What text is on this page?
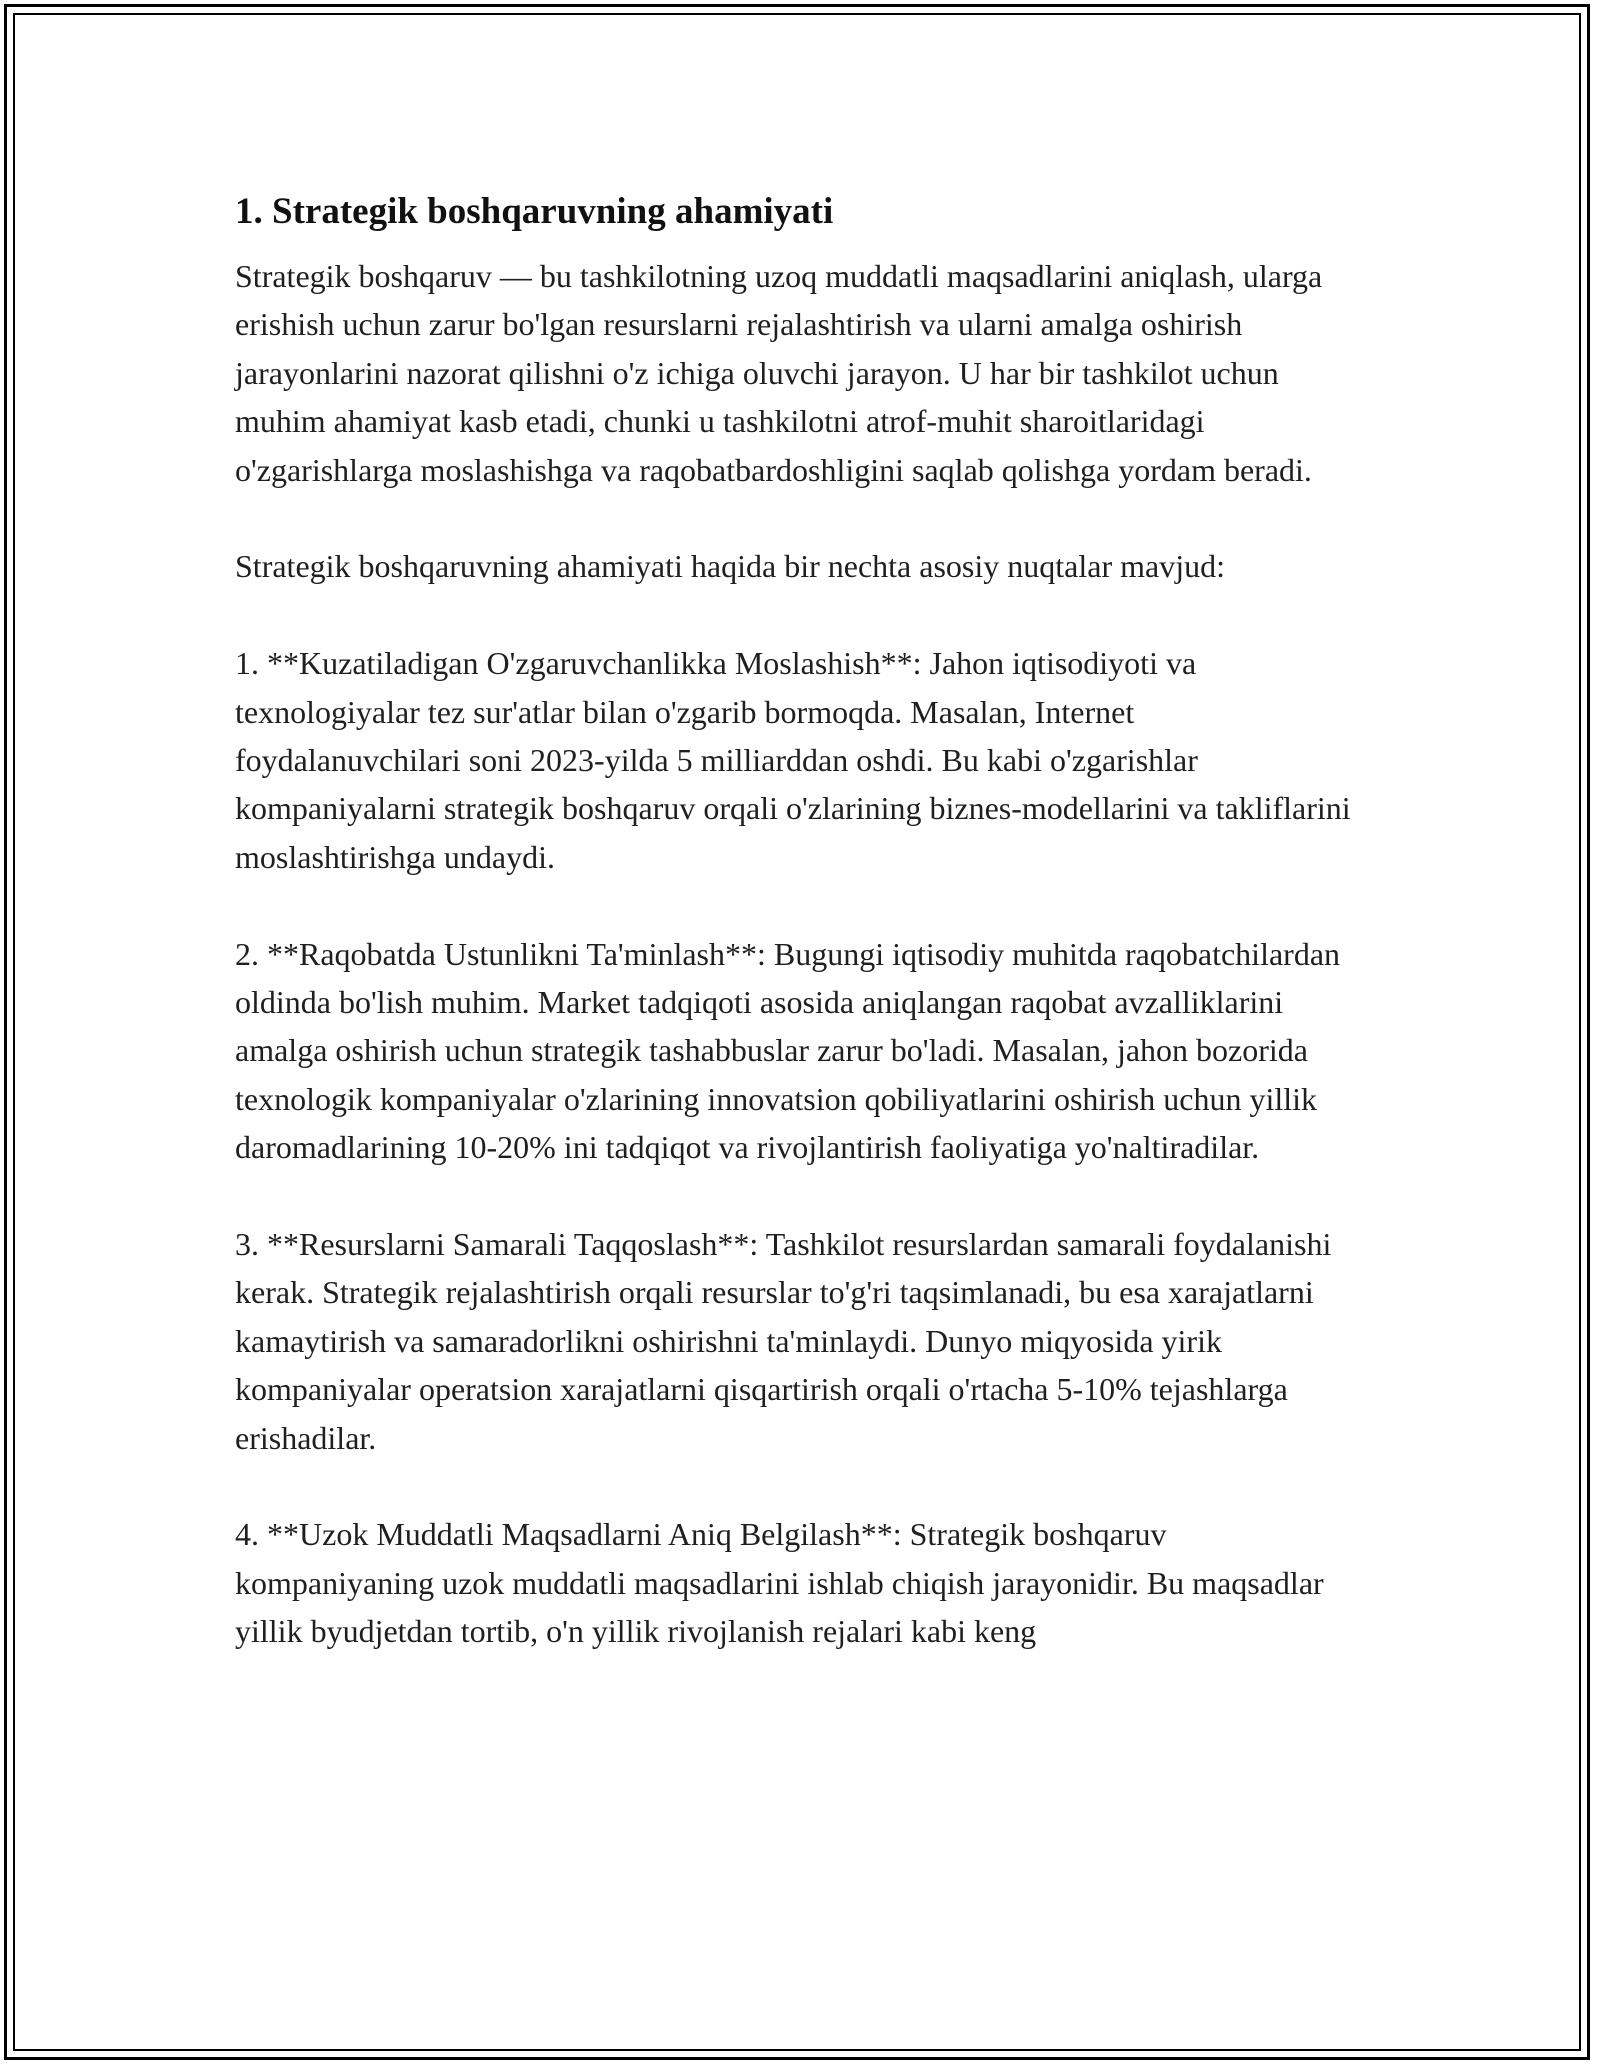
1. Strategik boshqaruvning ahamiyati

Strategik boshqaruv — bu tashkilotning uzoq muddatli maqsadlarini aniqlash, ularga erishish uchun zarur bo'lgan resurslarni rejalashtirish va ularni amalga oshirish jarayonlarini nazorat qilishni o'z ichiga oluvchi jarayon. U har bir tashkilot uchun muhim ahamiyat kasb etadi, chunki u tashkilotni atrof-muhit sharoitlaridagi o'zgarishlarga moslashishga va raqobatbardoshligini saqlab qolishga yordam beradi.

Strategik boshqaruvning ahamiyati haqida bir nechta asosiy nuqtalar mavjud:

1. **Kuzatiladigan O'zgaruvchanlikka Moslashish**: Jahon iqtisodiyoti va texnologiyalar tez sur'atlar bilan o'zgarib bormoqda. Masalan, Internet foydalanuvchilari soni 2023-yilda 5 milliarddan oshdi. Bu kabi o'zgarishlar kompaniyalarni strategik boshqaruv orqali o'zlarining biznes-modellarini va takliflarini moslashtirishga undaydi.

2. **Raqobatda Ustunlikni Ta'minlash**: Bugungi iqtisodiy muhitda raqobatchilardan oldinda bo'lish muhim. Market tadqiqoti asosida aniqlangan raqobat avzalliklarini amalga oshirish uchun strategik tashabbuslar zarur bo'ladi. Masalan, jahon bozorida texnologik kompaniyalar o'zlarining innovatsion qobiliyatlarini oshirish uchun yillik daromadlarining 10-20% ini tadqiqot va rivojlantirish faoliyatiga yo'naltiradilar.

3. **Resurslarni Samarali Taqqoslash**: Tashkilot resurslardan samarali foydalanishi kerak. Strategik rejalashtirish orqali resurslar to'g'ri taqsimlanadi, bu esa xarajatlarni kamaytirish va samaradorlikni oshirishni ta'minlaydi. Dunyo miqyosida yirik kompaniyalar operatsion xarajatlarni qisqartirish orqali o'rtacha 5-10% tejashlarga erishadilar.

4. **Uzok Muddatli Maqsadlarni Aniq Belgilash**: Strategik boshqaruv kompaniyaning uzok muddatli maqsadlarini ishlab chiqish jarayonidir. Bu maqsadlar yillik byudjetdan tortib, o'n yillik rivojlanish rejalari kabi keng
